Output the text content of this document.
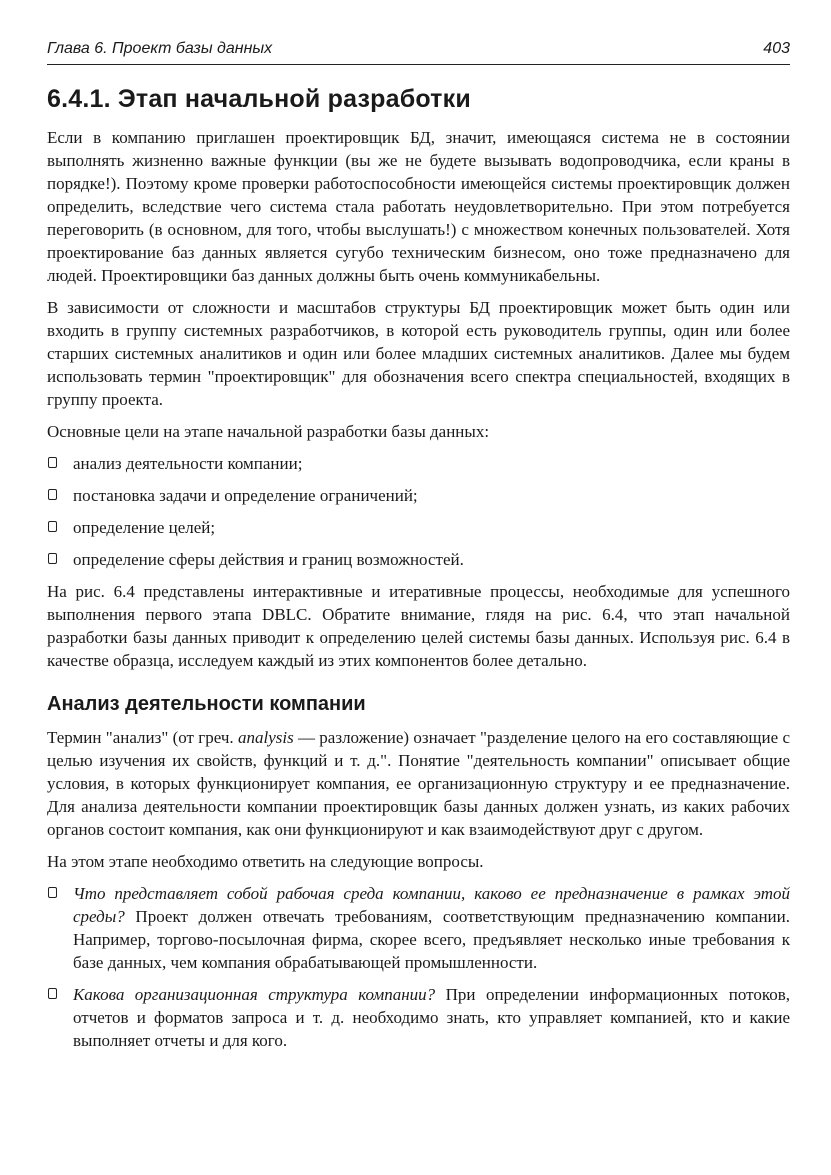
Глава 6. Проект базы данных	403
6.4.1. Этап начальной разработки

Если в компанию приглашен проектировщик БД, значит, имеющаяся система не в состоянии выполнять жизненно важные функции (вы же не будете вызывать водопроводчика, если краны в порядке!). Поэтому кроме проверки работоспособности имеющейся системы проектировщик должен определить, вследствие чего система стала работать неудовлетворительно. При этом потребуется переговорить (в основном, для того, чтобы выслушать!) с множеством конечных пользователей. Хотя проектирование баз данных является сугубо техническим бизнесом, оно тоже предназначено для людей. Проектировщики баз данных должны быть очень коммуникабельны.

В зависимости от сложности и масштабов структуры БД проектировщик может быть один или входить в группу системных разработчиков, в которой есть руководитель группы, один или более старших системных аналитиков и один или более младших системных аналитиков. Далее мы будем использовать термин "проектировщик" для обозначения всего спектра специальностей, входящих в группу проекта.

Основные цели на этапе начальной разработки базы данных:

анализ деятельности компании;
постановка задачи и определение ограничений;
определение целей;
определение сферы действия и границ возможностей.

На рис. 6.4 представлены интерактивные и итеративные процессы, необходимые для успешного выполнения первого этапа DBLC. Обратите внимание, глядя на рис. 6.4, что этап начальной разработки базы данных приводит к определению целей системы базы данных. Используя рис. 6.4 в качестве образца, исследуем каждый из этих компонентов более детально.

Анализ деятельности компании

Термин "анализ" (от греч. analysis — разложение) означает "разделение целого на его составляющие с целью изучения их свойств, функций и т. д.". Понятие "деятельность компании" описывает общие условия, в которых функционирует компания, ее организационную структуру и ее предназначение. Для анализа деятельности компании проектировщик базы данных должен узнать, из каких рабочих органов состоит компания, как они функционируют и как взаимодействуют друг с другом.

На этом этапе необходимо ответить на следующие вопросы.

Что представляет собой рабочая среда компании, каково ее предназначение в рамках этой среды? Проект должен отвечать требованиям, соответствующим предназначению компании. Например, торгово-посылочная фирма, скорее всего, предъявляет несколько иные требования к базе данных, чем компания обрабатывающей промышленности.
Какова организационная структура компании? При определении информационных потоков, отчетов и форматов запроса и т. д. необходимо знать, кто управляет компанией, кто и какие выполняет отчеты и для кого.
